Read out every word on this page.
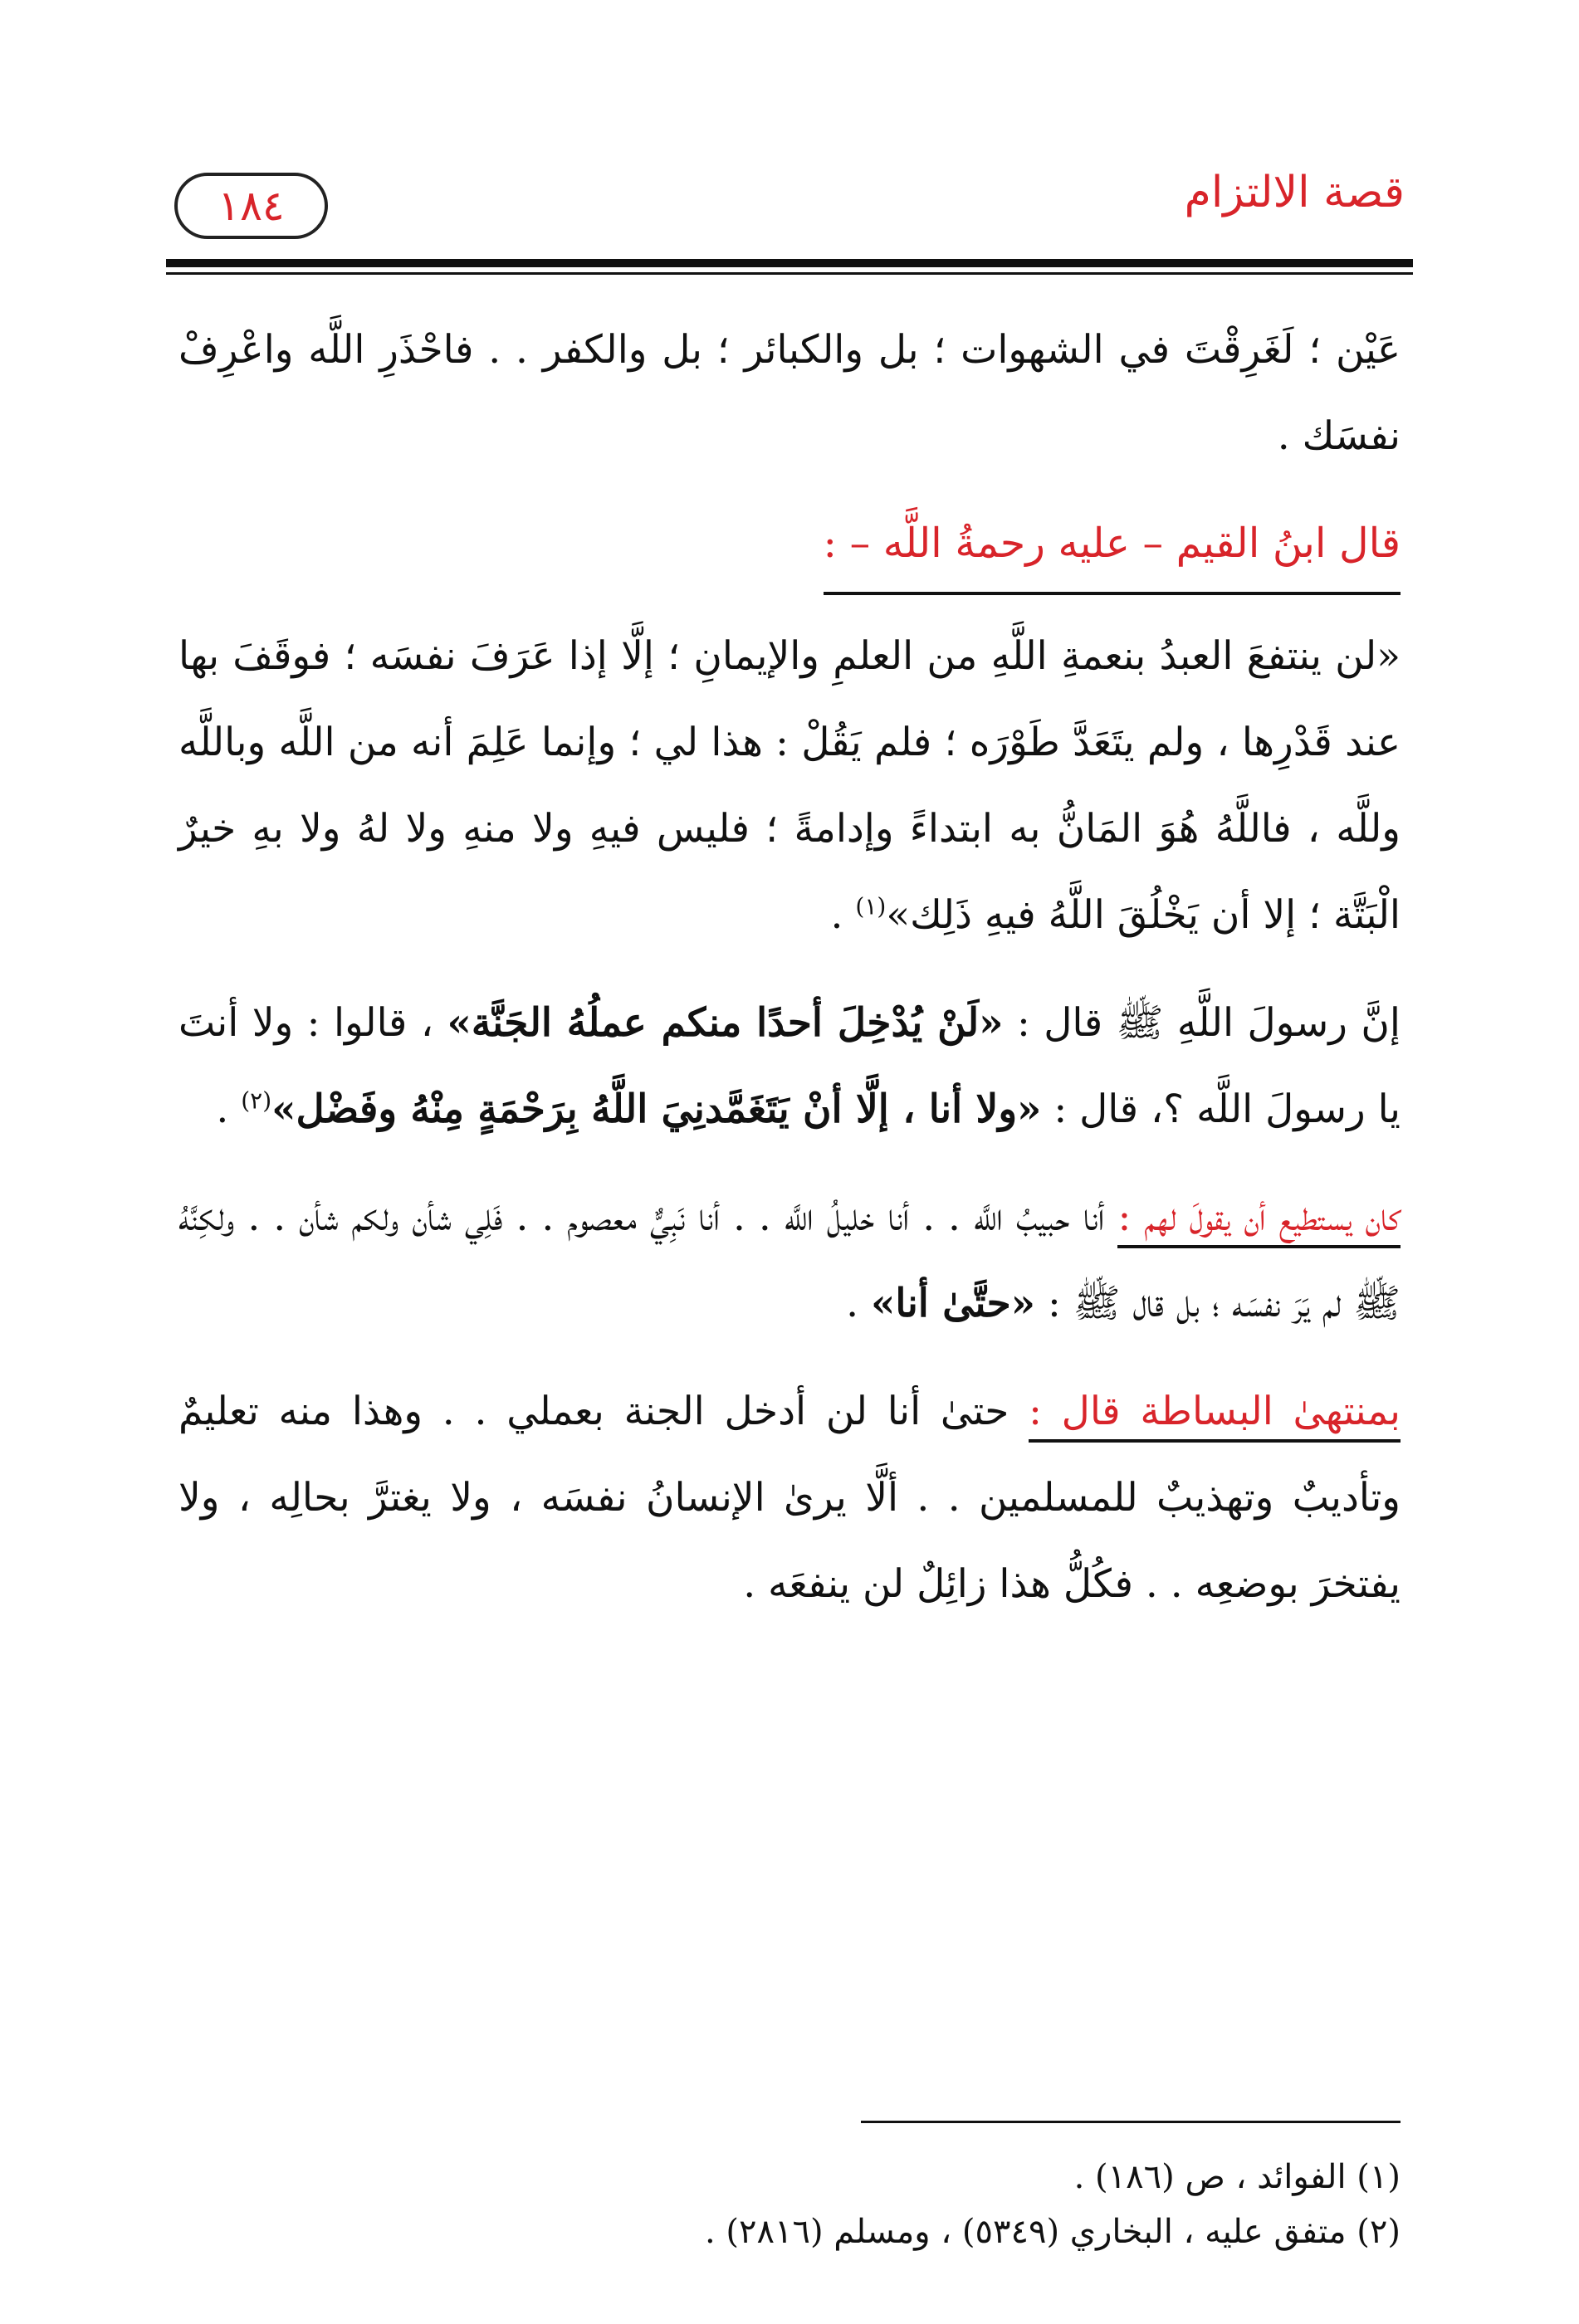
قصة الالتزام
١٨٤

عَيْن ؛ لَغَرِقْتَ في الشهوات ؛ بل والكبائر ؛ بل والكفر . . فاحْذَرِ اللَّه واعْرِفْ نفسَك .

قال ابنُ القيم – عليه رحمةُ اللَّه – :

«لن ينتفعَ العبدُ بنعمةِ اللَّهِ من العلمِ والإيمانِ ؛ إلَّا إذا عَرَفَ نفسَه ؛ فوقَفَ بها عند قَدْرِها ، ولم يتَعَدَّ طَوْرَه ؛ فلم يَقُلْ : هذا لي ؛ وإنما عَلِمَ أنه من اللَّه وباللَّه وللَّه ، فاللَّهُ هُوَ المَانُّ به ابتداءً وإدامةً ؛ فليس فيهِ ولا منهِ ولا لهُ ولا بهِ خيرٌ الْبَتَّة ؛ إلا أن يَخْلُقَ اللَّهُ فيهِ ذَلِك»$^{(١)}$ .

إنَّ رسولَ اللَّهِ ﷺ قال : «لَنْ يُدْخِلَ أحدًا منكم عملُهُ الجَنَّة» ، قالوا : ولا أنتَ يا رسولَ اللَّه ؟، قال : «ولا أنا ، إلَّا أنْ يَتَغَمَّدنِيَ اللَّهُ بِرَحْمَةٍ مِنْهُ وفَضْل»$^{(٢)}$ .

كان يستطيع أن يقولَ لهم : أنا حبيبُ اللَّه . . أنا خليلُ اللَّه . . أنا نَبِيٌّ معصوم . . فَلِي شأن ولكم شأن . . ولكِنَّهُ ﷺ لم يَرَ نفسَه ؛ بل قال ﷺ : «حتَّىٰ أنا» .

بمنتهىٰ البساطة قال : حتىٰ أنا لن أدخل الجنة بعملي . . وهذا منه تعليمٌ وتأديبٌ وتهذيبٌ للمسلمين . . ألَّا يرىٰ الإنسانُ نفسَه ، ولا يغترَّ بحالِه ، ولا يفتخرَ بوضعِه . . فكُلُّ هذا زائِلٌ لن ينفعَه .

(١) الفوائد ، ص (١٨٦) .
(٢) متفق عليه ، البخاري (٥٣٤٩) ، ومسلم (٢٨١٦) .
